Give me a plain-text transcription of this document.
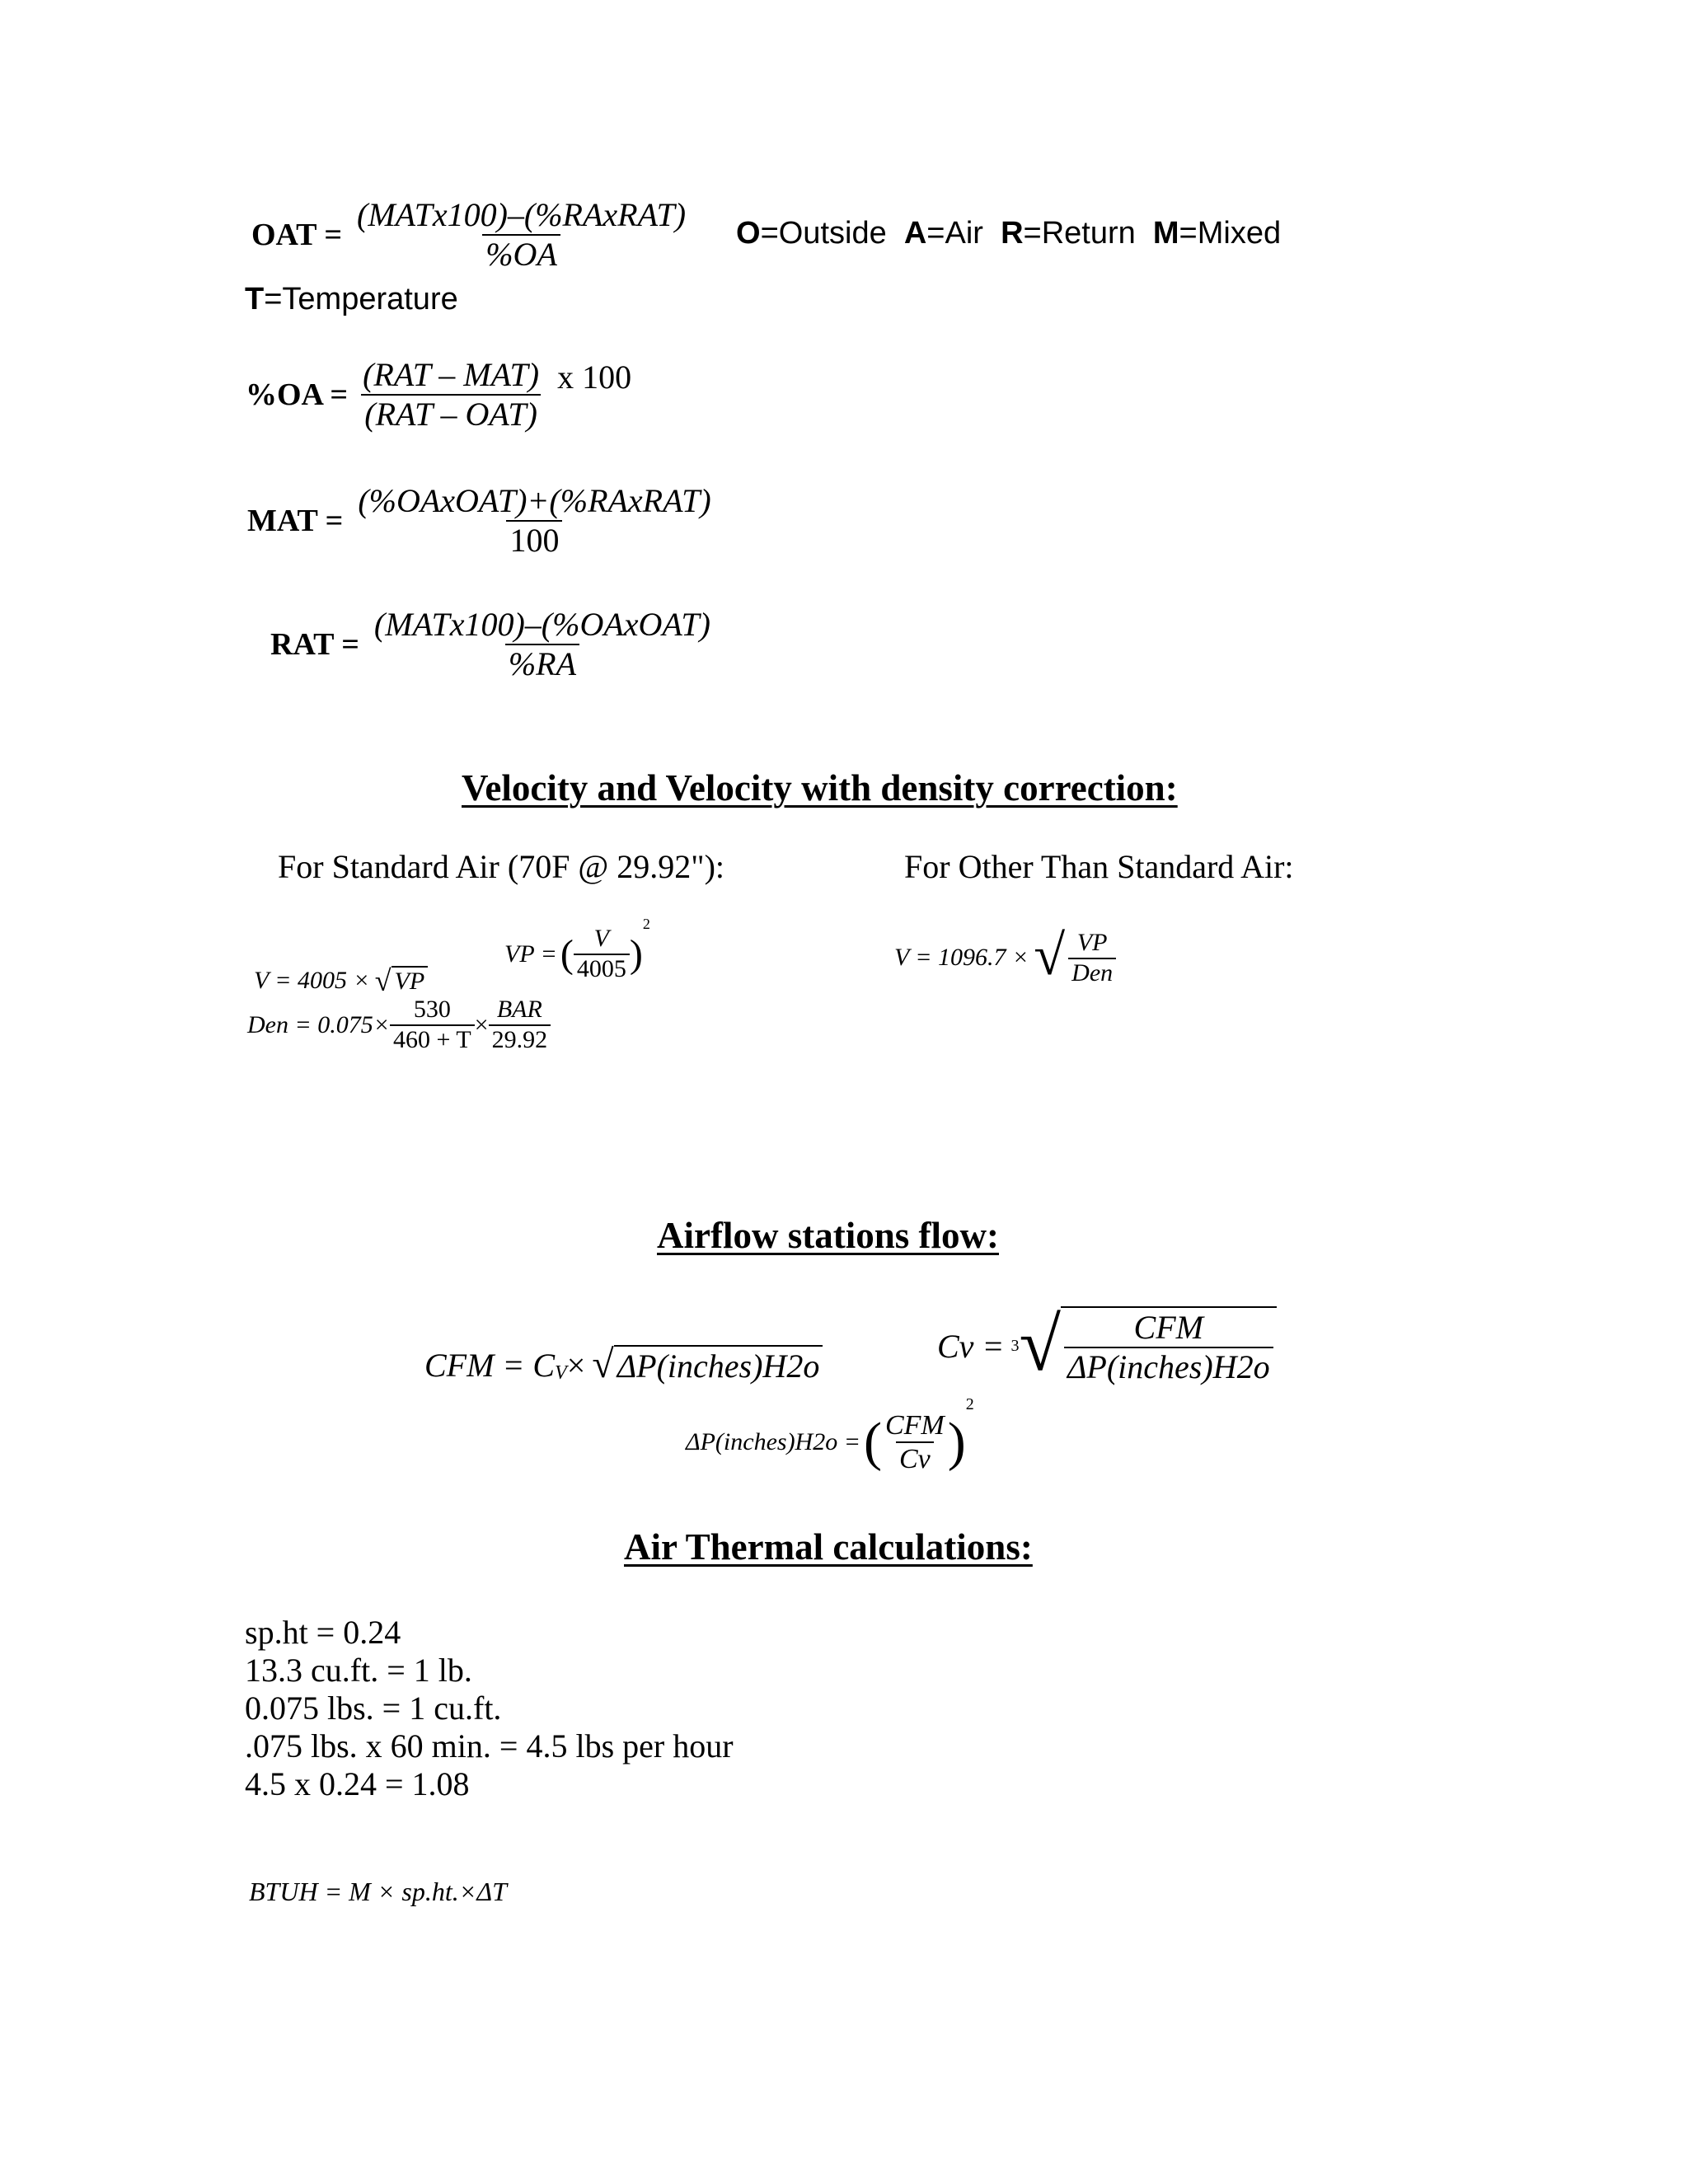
OAT = $\frac{\text{(MATx100)–(\%RAxRAT)}}{\%OA}$ O=Outside A=Air R=Return M=Mixed
T=Temperature
$\%OA = \frac{\text{(RAT – MAT)}}{\text{(RAT – OAT)}}$ x 100
MAT = $\frac{\text{(\%OAxOAT)+(\%RAxRAT)}}{100}$
RAT = $\frac{\text{(MATx100)–(\%OAxOAT)}}{\%RA}$
Velocity and Velocity with density correction:
For Standard Air (70F @ 29.92"):	For Other Than Standard Air:
V = 4005 × √ VP
VP = ( $\frac{V}{4005}$ )
2
Den = $0.075\times \frac{530}{460 + T} \times \frac{\text{BAR}}{29.92}$
V = 1096.7 × √ $\frac{VP}{\text{Den}}$
Airflow stations flow:
CFM = C V × √ ΔP(inches)H2o
Cv = 3 √ $\frac{\text{CFM}}{\text{ΔP(inches)H2o}}$
ΔP(inches)H2o = ( $\frac{\text{CFM}}{Cv}$ )
2
Air Thermal calculations:
sp.ht = 0.24
13.3 cu.ft. = 1 lb.
0.075 lbs. = 1 cu.ft.
.075 lbs. x 60 min. = 4.5 lbs per hour
4.5 x 0.24 = 1.08
BTUH = M × sp.ht.×ΔT
